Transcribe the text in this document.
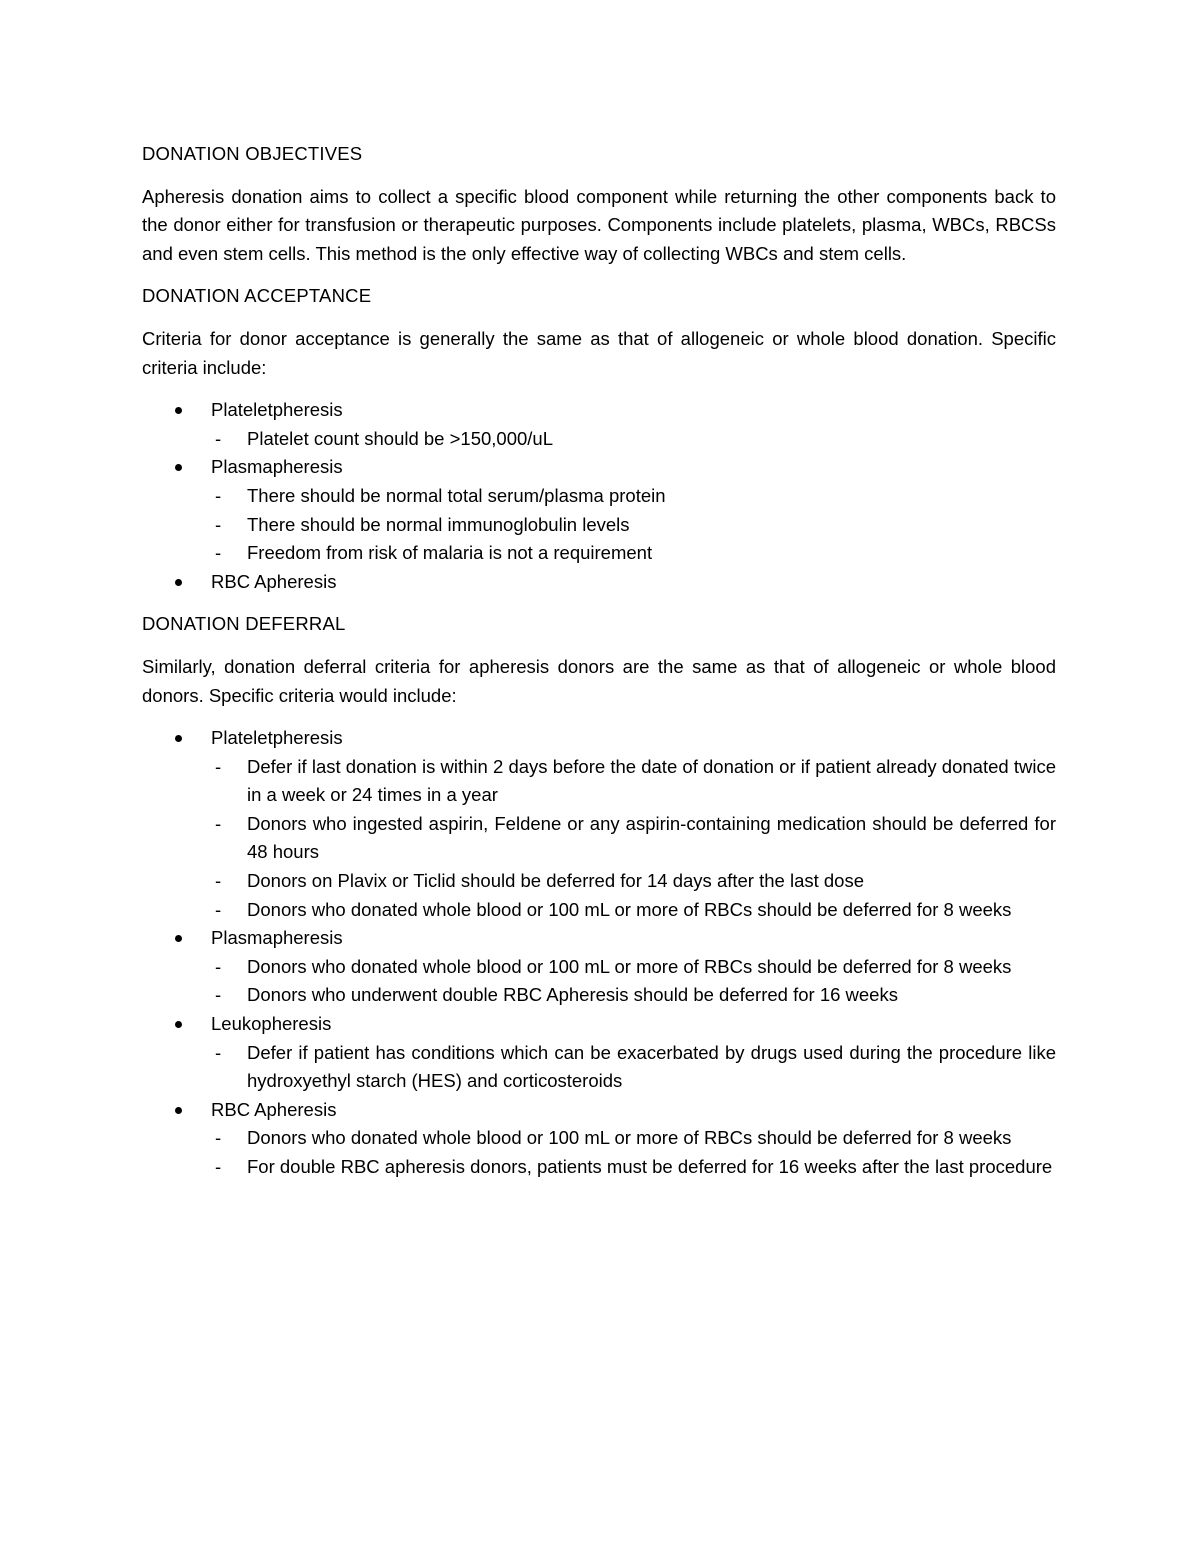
DONATION OBJECTIVES

Apheresis donation aims to collect a specific blood component while returning the other components back to the donor either for transfusion or therapeutic purposes. Components include platelets, plasma, WBCs, RBCSs and even stem cells. This method is the only effective way of collecting WBCs and stem cells.

DONATION ACCEPTANCE

Criteria for donor acceptance is generally the same as that of allogeneic or whole blood donation. Specific criteria include:

Plateletpheresis
- Platelet count should be >150,000/uL
Plasmapheresis
- There should be normal total serum/plasma protein
- There should be normal immunoglobulin levels
- Freedom from risk of malaria is not a requirement
RBC Apheresis
DONATION DEFERRAL

Similarly, donation deferral criteria for apheresis donors are the same as that of allogeneic or whole blood donors. Specific criteria would include:

Plateletpheresis
- Defer if last donation is within 2 days before the date of donation or if patient already donated twice in a week or 24 times in a year
- Donors who ingested aspirin, Feldene or any aspirin-containing medication should be deferred for 48 hours
- Donors on Plavix or Ticlid should be deferred for 14 days after the last dose
- Donors who donated whole blood or 100 mL or more of RBCs should be deferred for 8 weeks
Plasmapheresis
- Donors who donated whole blood or 100 mL or more of RBCs should be deferred for 8 weeks
- Donors who underwent double RBC Apheresis should be deferred for 16 weeks
Leukopheresis
- Defer if patient has conditions which can be exacerbated by drugs used during the procedure like hydroxyethyl starch (HES) and corticosteroids
RBC Apheresis
- Donors who donated whole blood or 100 mL or more of RBCs should be deferred for 8 weeks
- For double RBC apheresis donors, patients must be deferred for 16 weeks after the last procedure
